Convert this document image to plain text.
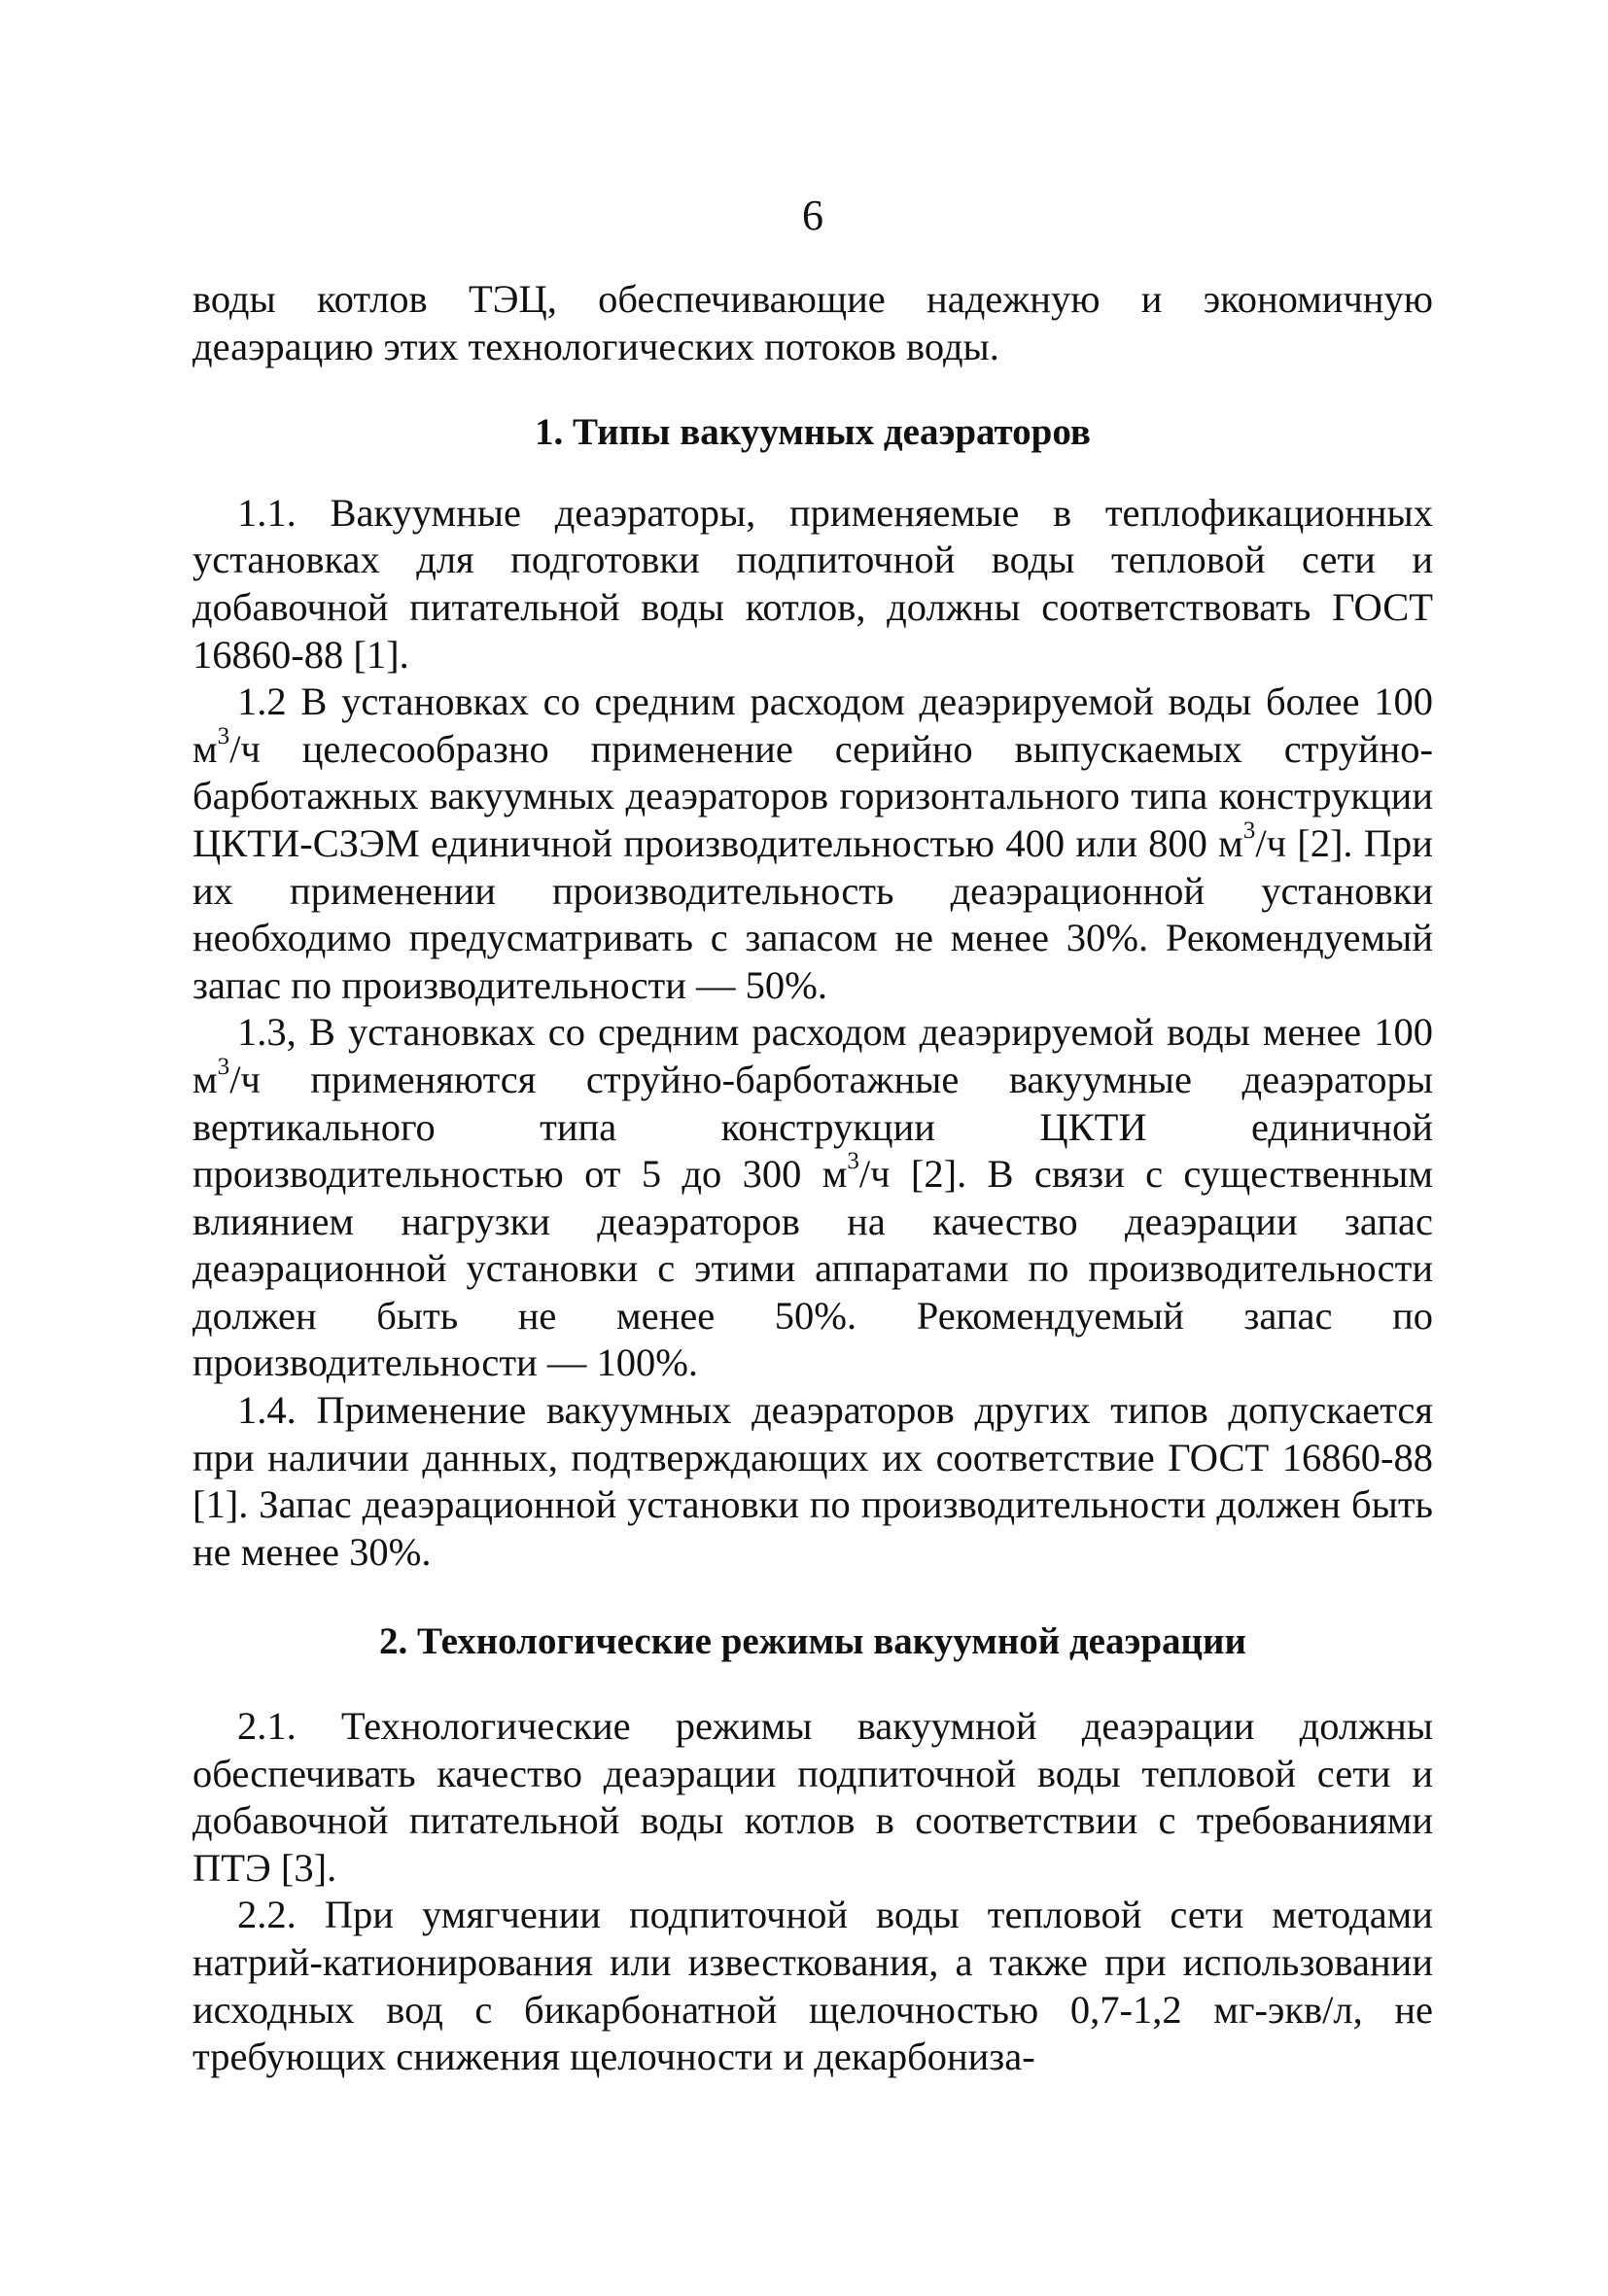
6

воды котлов ТЭЦ, обеспечивающие надежную и экономичную деаэрацию этих технологических потоков воды.

1. Типы вакуумных деаэраторов

1.1. Вакуумные деаэраторы, применяемые в теплофикационных установках для подготовки подпиточной воды тепловой сети и добавочной питательной воды котлов, должны соответствовать ГОСТ 16860-88 [1].

1.2 В установках со средним расходом деаэрируемой воды более 100 $м^3/ч$ целесообразно применение серийно выпускаемых струйно-барботажных вакуумных деаэраторов горизонтального типа конструкции ЦКТИ-СЗЭМ единичной производительностью 400 или 800 $м^3/ч$ [2]. При их применении производительность деаэрационной установки необходимо предусматривать с запасом не менее 30%. Рекомендуемый запас по производительности — 50%.

1.3, В установках со средним расходом деаэрируемой воды менее 100 $м^3/ч$ применяются струйно-барботажные вакуумные деаэраторы вертикального типа конструкции ЦКТИ единичной производительностью от 5 до 300 $м^3/ч$ [2]. В связи с существенным влиянием нагрузки деаэраторов на качество деаэрации запас деаэрационной установки с этими аппаратами по производительности должен быть не менее 50%. Рекомендуемый запас по производительности — 100%.

1.4. Применение вакуумных деаэраторов других типов допускается при наличии данных, подтверждающих их соответствие ГОСТ 16860-88 [1]. Запас деаэрационной установки по производительности должен быть не менее 30%.

2. Технологические режимы вакуумной деаэрации

2.1. Технологические режимы вакуумной деаэрации должны обеспечивать качество деаэрации подпиточной воды тепловой сети и добавочной питательной воды котлов в соответствии с требованиями ПТЭ [3].

2.2. При умягчении подпиточной воды тепловой сети методами натрий-катионирования или известкования, а также при использовании исходных вод с бикарбонатной щелочностью 0,7-1,2 мг-экв/л, не требующих снижения щелочности и декарбониза-
